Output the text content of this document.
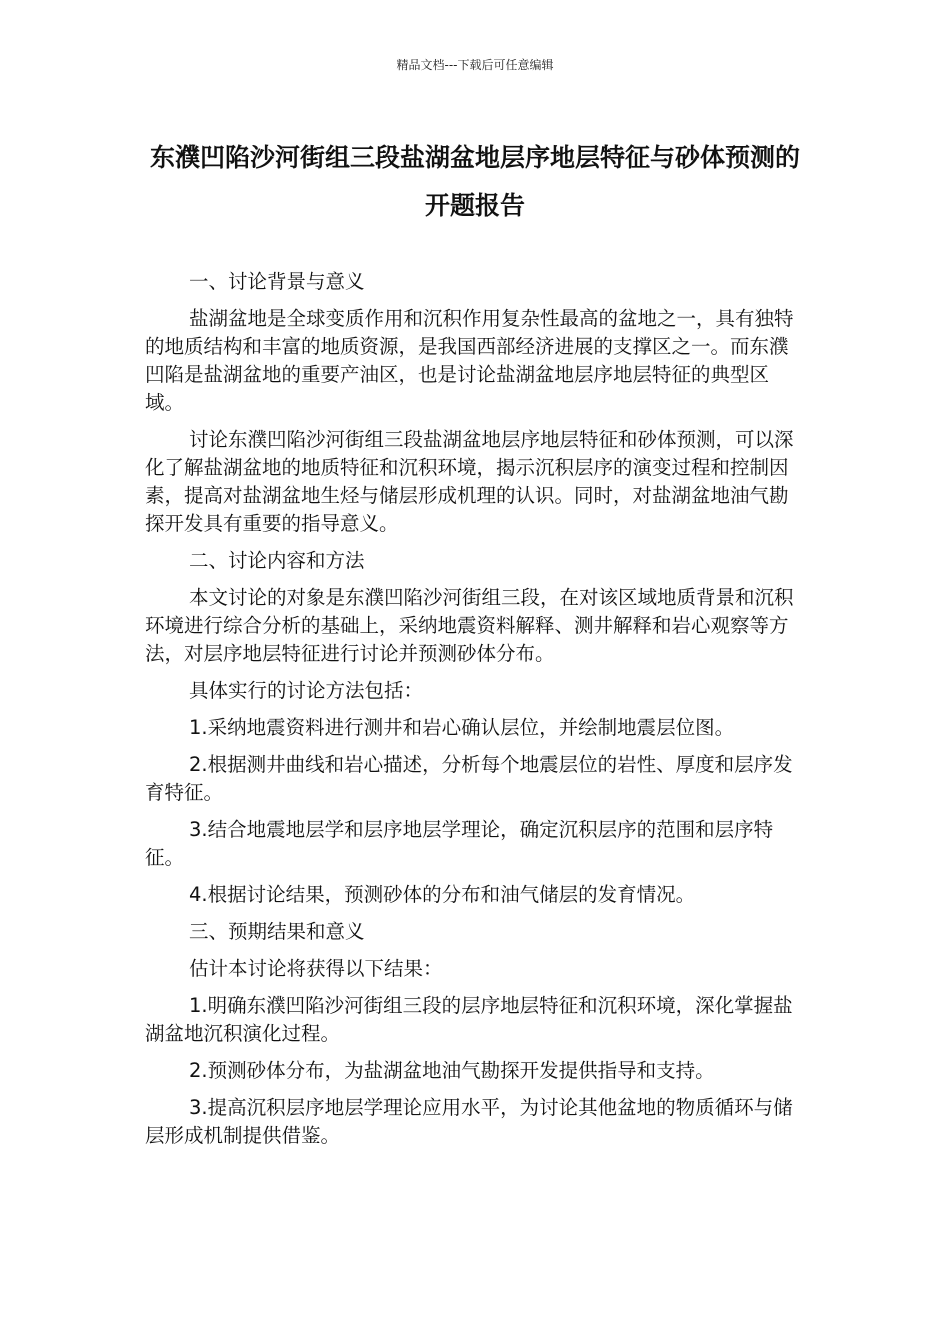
精品文档---下载后可任意编辑
东濮凹陷沙河街组三段盐湖盆地层序地层特征与砂体预测的开题报告

一、讨论背景与意义

盐湖盆地是全球变质作用和沉积作用复杂性最高的盆地之一，具有独特的地质结构和丰富的地质资源，是我国西部经济进展的支撑区之一。而东濮凹陷是盐湖盆地的重要产油区，也是讨论盐湖盆地层序地层特征的典型区域。

讨论东濮凹陷沙河街组三段盐湖盆地层序地层特征和砂体预测，可以深化了解盐湖盆地的地质特征和沉积环境，揭示沉积层序的演变过程和控制因素，提高对盐湖盆地生烃与储层形成机理的认识。同时，对盐湖盆地油气勘探开发具有重要的指导意义。

二、讨论内容和方法

本文讨论的对象是东濮凹陷沙河街组三段，在对该区域地质背景和沉积环境进行综合分析的基础上，采纳地震资料解释、测井解释和岩心观察等方法，对层序地层特征进行讨论并预测砂体分布。

具体实行的讨论方法包括：

1.采纳地震资料进行测井和岩心确认层位，并绘制地震层位图。

2.根据测井曲线和岩心描述，分析每个地震层位的岩性、厚度和层序发育特征。

3.结合地震地层学和层序地层学理论，确定沉积层序的范围和层序特征。

4.根据讨论结果，预测砂体的分布和油气储层的发育情况。

三、预期结果和意义

估计本讨论将获得以下结果：

1.明确东濮凹陷沙河街组三段的层序地层特征和沉积环境，深化掌握盐湖盆地沉积演化过程。

2.预测砂体分布，为盐湖盆地油气勘探开发提供指导和支持。

3.提高沉积层序地层学理论应用水平，为讨论其他盆地的物质循环与储层形成机制提供借鉴。
